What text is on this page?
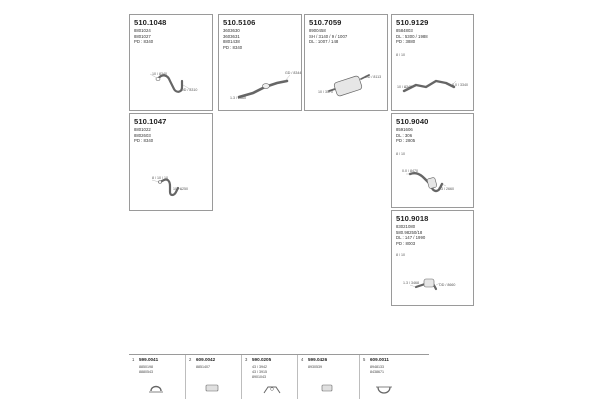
510.1048
8801024
8801027
PD : 8340
10 / 8340
OD / 8310
510.5106
3603630
3603631
8801438
PD : 8340
GD / 8344
1.3 / 2660
510.7059
8900458
SH / 3140 / 9 / 1007
DL : 1007 / 148
OD / 8113
10 / 3570
510.9129
8584803
DL : 5300 / 1988
PD : 3880
8 / 10
10 / 8340	0.0 / 3340
510.1047
8801022
8802603
PD : 8340
8 / 10 / 10
10 / 6250
510.9040
8591606
DL : 306
PD : 2805
8 / 10
0.0 / 8470
1.3 / 2660
510.9018
83021080
580.98250/18
DL : 147 / 1990
PD : 8003
8 / 10
1.3 / 3468	OD / 8660
1 599.0041
8850198
8880543
2 609.0042
8851407
3 590.0205
43 / 3942
43 / 3915
8901043
4 599.0426
8930539
5 609.0011
8948133
8438671
